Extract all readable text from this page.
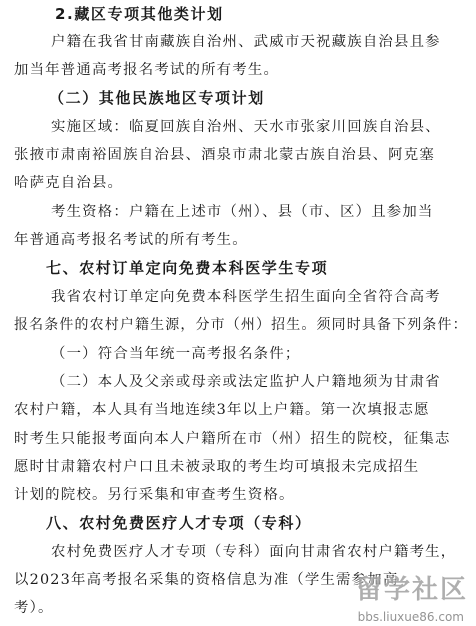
2.藏区专项其他类计划
户籍在我省甘南藏族自治州、武威市天祝藏族自治县且参
加当年普通高考报名考试的所有考生。
（二）其他民族地区专项计划
实施区域：临夏回族自治州、天水市张家川回族自治县、
张掖市肃南裕固族自治县、酒泉市肃北蒙古族自治县、阿克塞
哈萨克自治县。
考生资格：户籍在上述市（州）、县（市、区）且参加当
年普通高考报名考试的所有考生。
七、农村订单定向免费本科医学生专项
我省农村订单定向免费本科医学生招生面向全省符合高考
报名条件的农村户籍生源，分市（州）招生。须同时具备下列条件：
（一）符合当年统一高考报名条件；
（二）本人及父亲或母亲或法定监护人户籍地须为甘肃省
农村户籍，本人具有当地连续3年以上户籍。第一次填报志愿
时考生只能报考面向本人户籍所在市（州）招生的院校，征集志
愿时甘肃籍农村户口且未被录取的考生均可填报未完成招生
计划的院校。另行采集和审查考生资格。
八、农村免费医疗人才专项（专科）
农村免费医疗人才专项（专科）面向甘肃省农村户籍考生，
以2023年高考报名采集的资格信息为准（学生需参加高
考）。
留学社区
bbs.liuxue86.com
